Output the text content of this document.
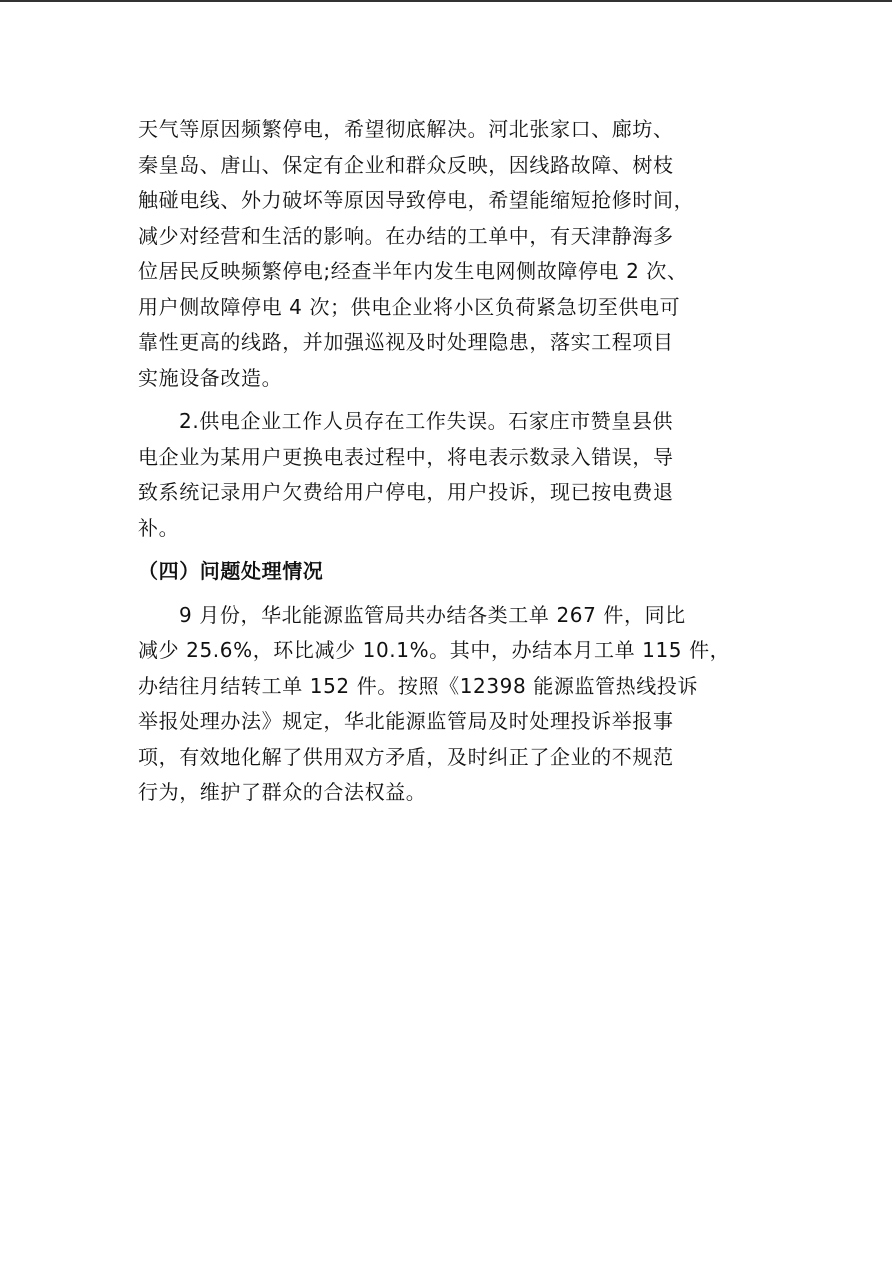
天气等原因频繁停电，希望彻底解决。河北张家口、廊坊、
秦皇岛、唐山、保定有企业和群众反映，因线路故障、树枝
触碰电线、外力破坏等原因导致停电，希望能缩短抢修时间，
减少对经营和生活的影响。在办结的工单中，有天津静海多
位居民反映频繁停电;经查半年内发生电网侧故障停电 2 次、
用户侧故障停电 4 次；供电企业将小区负荷紧急切至供电可
靠性更高的线路，并加强巡视及时处理隐患，落实工程项目
实施设备改造。

2.供电企业工作人员存在工作失误。石家庄市赞皇县供
电企业为某用户更换电表过程中，将电表示数录入错误，导
致系统记录用户欠费给用户停电，用户投诉，现已按电费退
补。

（四）问题处理情况

9 月份，华北能源监管局共办结各类工单 267 件，同比
减少 25.6%，环比减少 10.1%。其中，办结本月工单 115 件，
办结往月结转工单 152 件。按照《12398 能源监管热线投诉
举报处理办法》规定，华北能源监管局及时处理投诉举报事
项，有效地化解了供用双方矛盾，及时纠正了企业的不规范
行为，维护了群众的合法权益。
